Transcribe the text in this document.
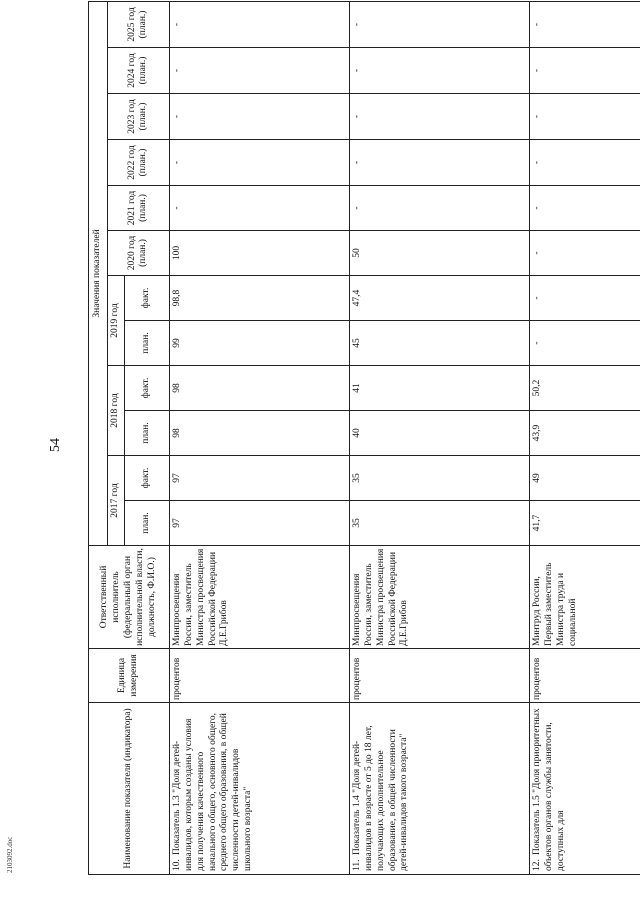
54
2103092.doc	Наименование показателя (индикатора)	Единица измерения	Ответственный исполнитель (федеральный орган исполнительной власти, должность, Ф.И.О.)	Значения показателей											
			2017 год		2018 год		2019 год		2020 год (план.)	2021 год (план.)	2022 год (план.)	2023 год (план.)	2024 год (план.)	2025 год (план.)
			план.	факт.	план.	факт.	план.	факт.						
10.Показатель 1.3 "Доля детей-инвалидов, которым созданы условия для получения качественного начального общего, основного общего, среднего общего образования, в общей численности детей-инвалидов школьного возраста"	процентов	Минпросвещения России, заместитель Министра просвещения Российской Федерации Д.Е.Грибов	97	97	98	98	99	98,8	100	-	-	-	-	-
11.Показатель 1.4 "Доля детей-инвалидов в возрасте от 5 до 18 лет, получающих дополнительное образование, в общей численности детей-инвалидов такого возраста"	процентов	Минпросвещения России, заместитель Министра просвещения Российской Федерации Д.Е.Грибов	35	35	40	41	45	47,4	50	-	-	-	-	-
12.Показатель 1.5 "Доля приоритетных объектов органов службы занятости, доступных для	процентов	Минтруд России, Первый заместитель Министра труда и социальной	41,7	49	43,9	50,2	-	-	-	-	-	-	-	-
